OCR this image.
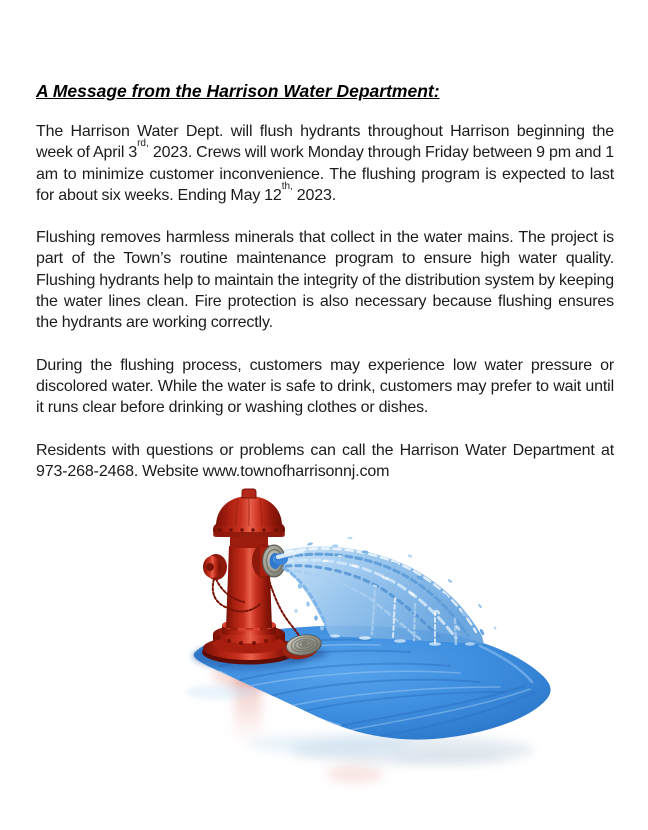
A Message from the Harrison Water Department:

The Harrison Water Dept. will flush hydrants throughout Harrison beginning the week of April $3^{rd,}$ 2023. Crews will work Monday through Friday between 9 pm and 1 am to minimize customer inconvenience. The flushing program is expected to last for about six weeks. Ending May $12^{th,}$ 2023.

Flushing removes harmless minerals that collect in the water mains. The project is part of the Town’s routine maintenance program to ensure high water quality. Flushing hydrants help to maintain the integrity of the distribution system by keeping the water lines clean. Fire protection is also necessary because flushing ensures the hydrants are working correctly.

During the flushing process, customers may experience low water pressure or discolored water. While the water is safe to drink, customers may prefer to wait until it runs clear before drinking or washing clothes or dishes.

Residents with questions or problems can call the Harrison Water Department at 973-268-2468. Website www.townofharrisonnj.com
